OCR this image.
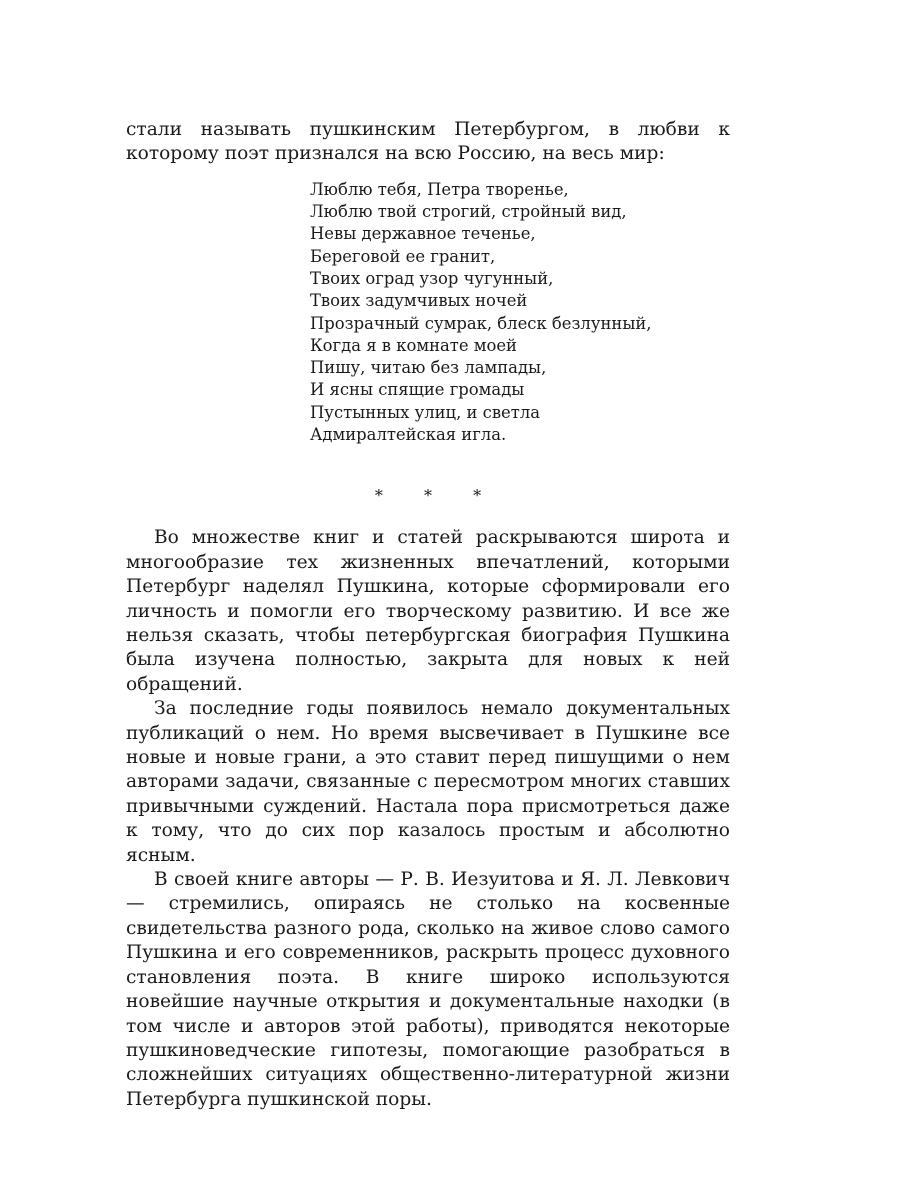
стали называть пушкинским Петербургом, в любви к которому поэт признался на всю Россию, на весь мир:

Люблю тебя, Петра творенье,
Люблю твой строгий, стройный вид,
Невы державное теченье,
Береговой ее гранит,
Твоих оград узор чугунный,
Твоих задумчивых ночей
Прозрачный сумрак, блеск безлунный,
Когда я в комнате моей
Пишу, читаю без лампады,
И ясны спящие громады
Пустынных улиц, и светла
Адмиралтейская игла.
* * *

Во множестве книг и статей раскрываются широта и многообразие тех жизненных впечатлений, которыми Петербург наделял Пушкина, которые сформировали его личность и помогли его творческому развитию. И все же нельзя сказать, чтобы петербургская биография Пушкина была изучена полностью, закрыта для новых к ней обращений.

За последние годы появилось немало документальных публикаций о нем. Но время высвечивает в Пушкине все новые и новые грани, а это ставит перед пишущими о нем авторами задачи, связанные с пересмотром многих ставших привычными суждений. Настала пора присмотреться даже к тому, что до сих пор казалось простым и абсолютно ясным.

В своей книге авторы — Р. В. Иезуитова и Я. Л. Левкович — стремились, опираясь не столько на косвенные свидетельства разного рода, сколько на живое слово самого Пушкина и его современников, раскрыть процесс духовного становления поэта. В книге широко используются новейшие научные открытия и документальные находки (в том числе и авторов этой работы), приводятся некоторые пушкиноведческие гипотезы, помогающие разобраться в сложнейших ситуациях общественно-литературной жизни Петербурга пушкинской поры.
